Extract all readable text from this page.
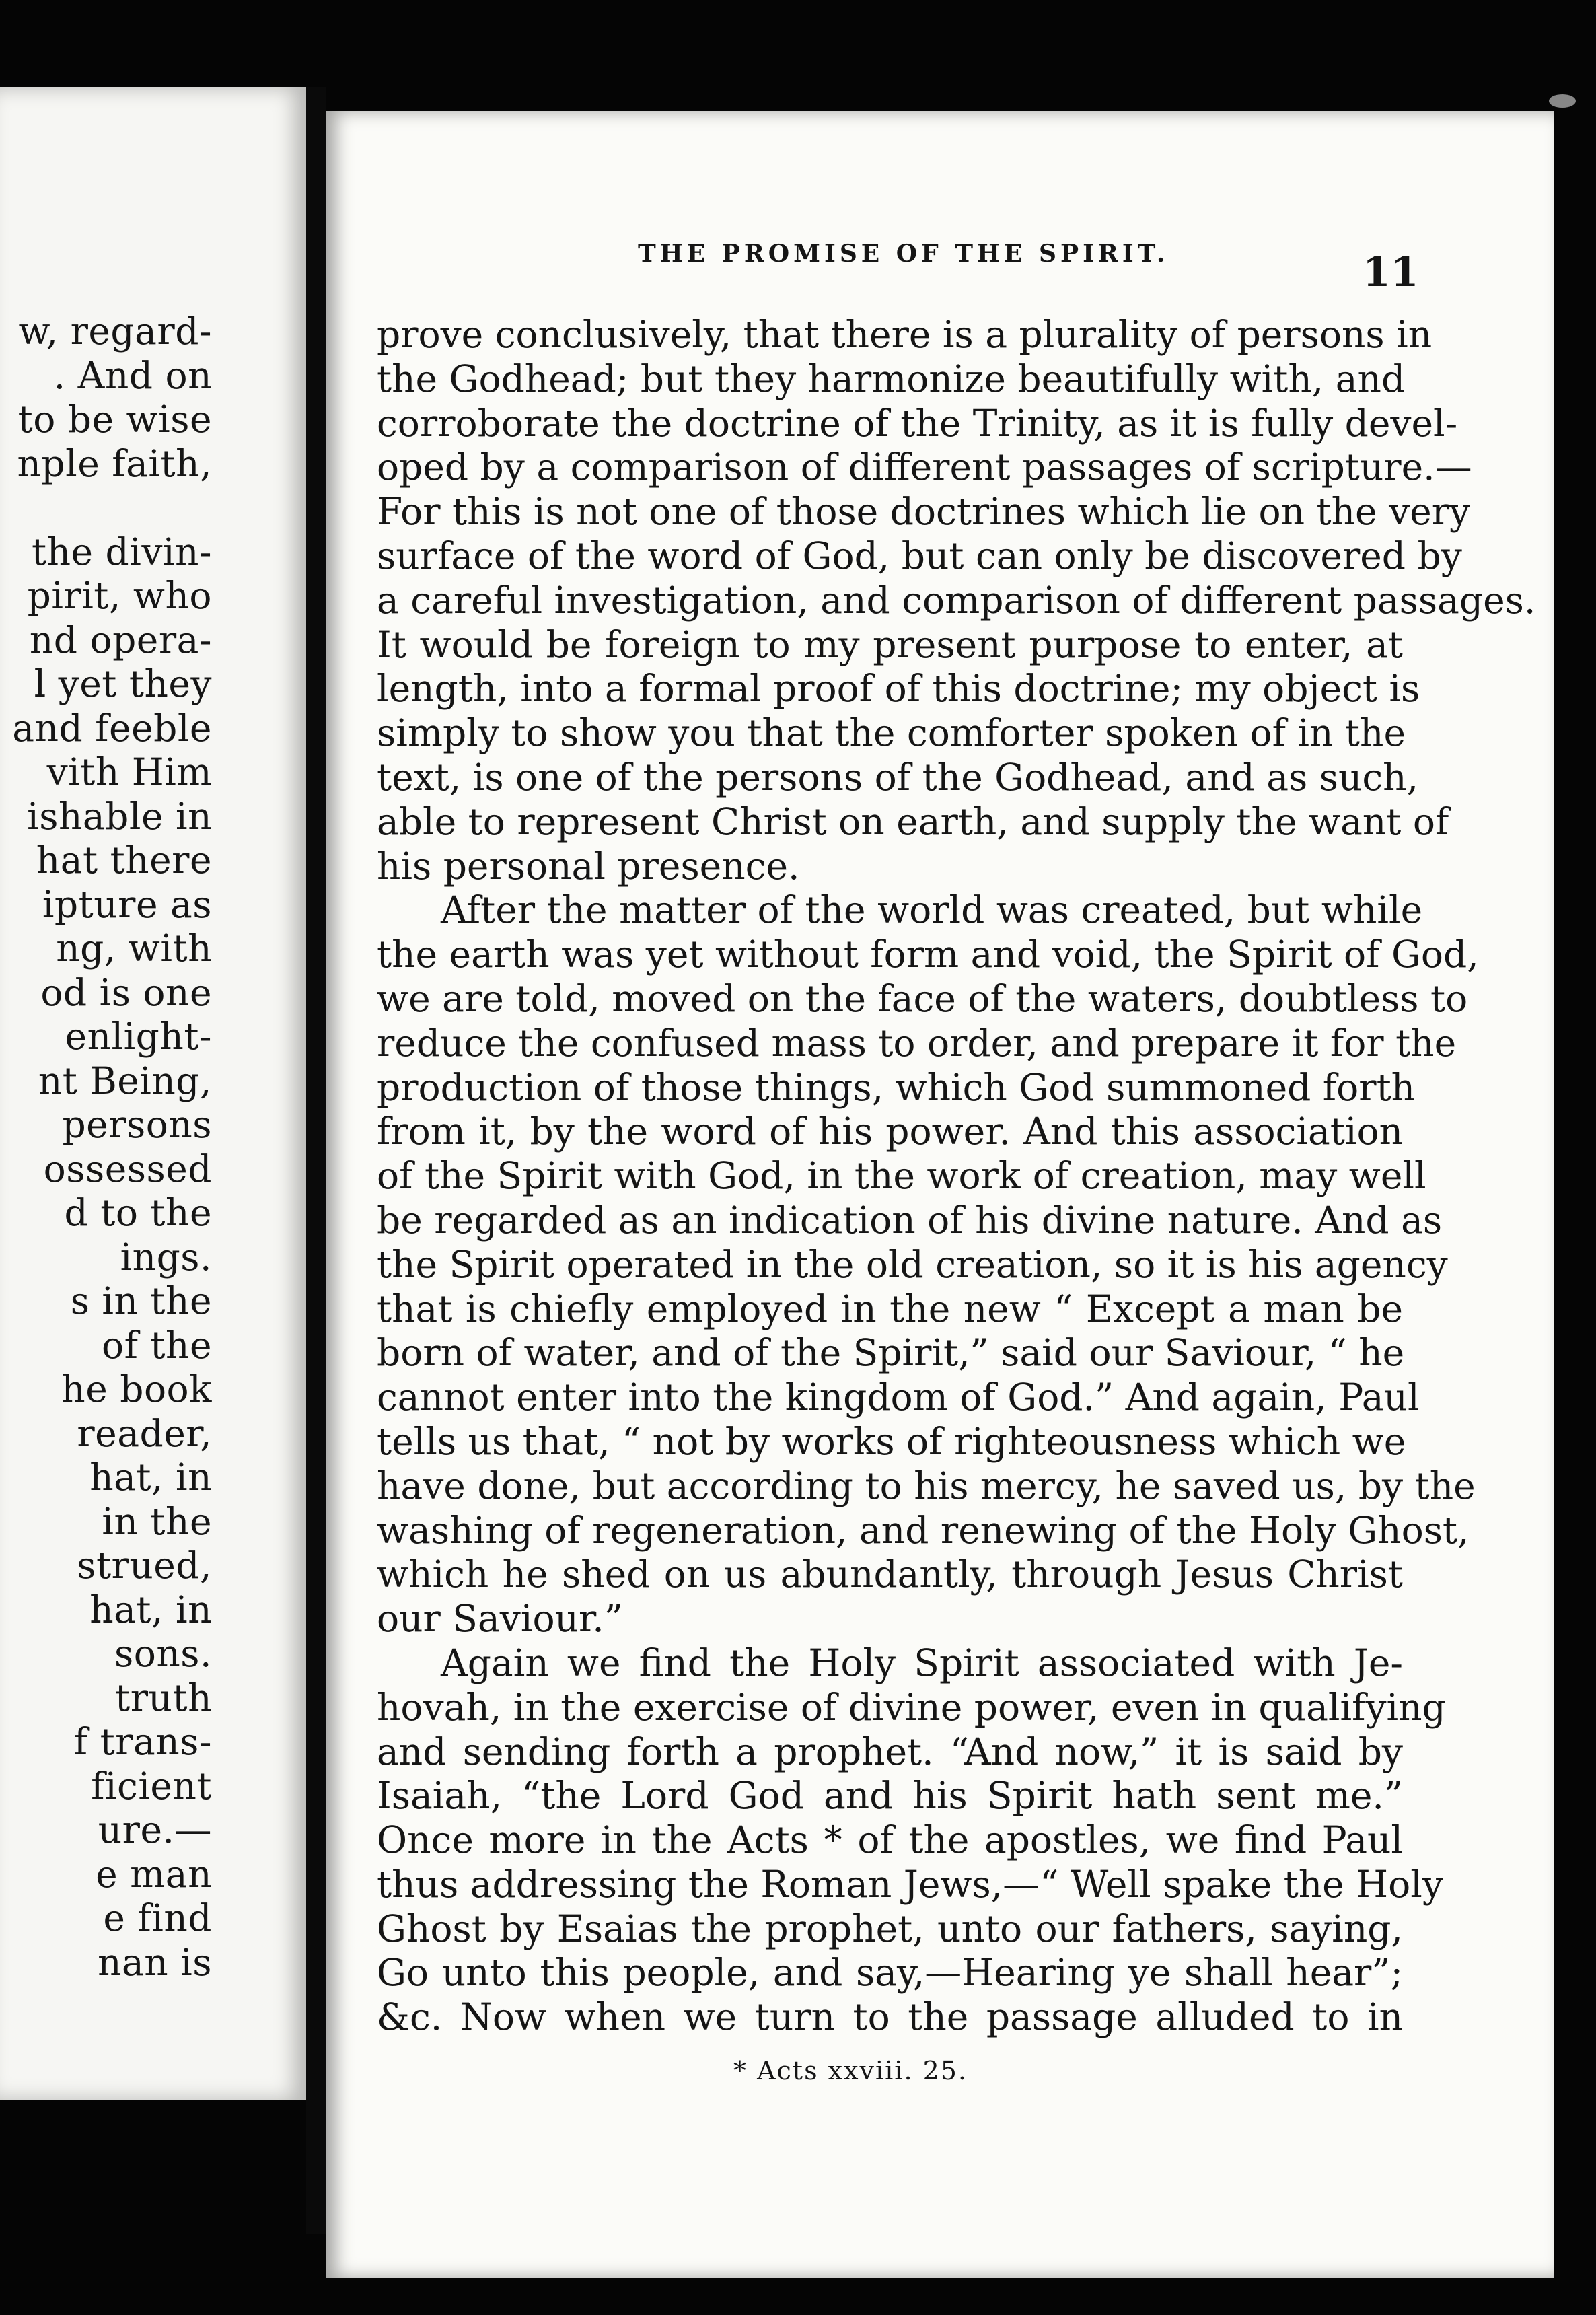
w, regard-
. And on
to be wise
nple faith,
the divin-
pirit, who
nd opera-
l yet they
and feeble
vith Him
ishable in
hat there
ipture as
ng, with
od is one
enlight-
nt Being,
persons
ossessed
d to the
ings.
s in the
of the
he book
reader,
hat, in
in the
strued,
hat, in
sons.
truth
f trans-
ficient
ure.—
e man
e find
nan is
THE PROMISE OF THE SPIRIT.	11
prove conclusively, that there is a plurality of persons in
the Godhead; but they harmonize beautifully with, and
corroborate the doctrine of the Trinity, as it is fully devel-
oped by a comparison of different passages of scripture.—
For this is not one of those doctrines which lie on the very
surface of the word of God, but can only be discovered by
a careful investigation, and comparison of different passages.
It would be foreign to my present purpose to enter, at
length, into a formal proof of this doctrine; my object is
simply to show you that the comforter spoken of in the
text, is one of the persons of the Godhead, and as such,
able to represent Christ on earth, and supply the want of
his personal presence.
After the matter of the world was created, but while
the earth was yet without form and void, the Spirit of God,
we are told, moved on the face of the waters, doubtless to
reduce the confused mass to order, and prepare it for the
production of those things, which God summoned forth
from it, by the word of his power. And this association
of the Spirit with God, in the work of creation, may well
be regarded as an indication of his divine nature. And as
the Spirit operated in the old creation, so it is his agency
that is chiefly employed in the new “ Except a man be
born of water, and of the Spirit,” said our Saviour, “ he
cannot enter into the kingdom of God.” And again, Paul
tells us that, “ not by works of righteousness which we
have done, but according to his mercy, he saved us, by the
washing of regeneration, and renewing of the Holy Ghost,
which he shed on us abundantly, through Jesus Christ
our Saviour.”
Again we find the Holy Spirit associated with Je-
hovah, in the exercise of divine power, even in qualifying
and sending forth a prophet. “And now,” it is said by
Isaiah, “the Lord God and his Spirit hath sent me.”
Once more in the Acts * of the apostles, we find Paul
thus addressing the Roman Jews,—“ Well spake the Holy
Ghost by Esaias the prophet, unto our fathers, saying,
Go unto this people, and say,—Hearing ye shall hear”;
&c. Now when we turn to the passage alluded to in
* Acts xxviii. 25.
